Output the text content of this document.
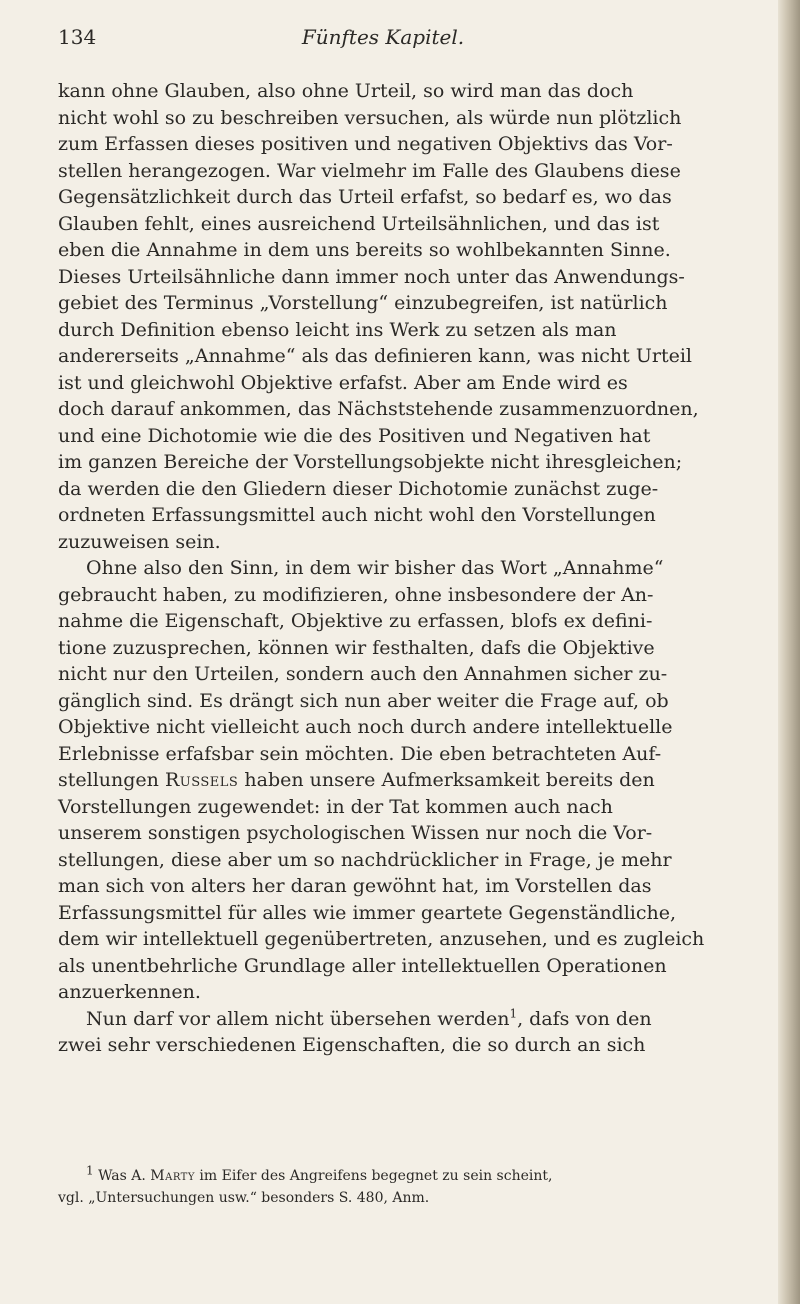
134	Fünftes Kapitel.
kann ohne Glauben, also ohne Urteil, so wird man das doch
nicht wohl so zu beschreiben versuchen, als würde nun plötzlich
zum Erfassen dieses positiven und negativen Objektivs das Vor-
stellen herangezogen. War vielmehr im Falle des Glaubens diese
Gegensätzlichkeit durch das Urteil erfafst, so bedarf es, wo das
Glauben fehlt, eines ausreichend Urteilsähnlichen, und das ist
eben die Annahme in dem uns bereits so wohlbekannten Sinne.
Dieses Urteilsähnliche dann immer noch unter das Anwendungs-
gebiet des Terminus „Vorstellung“ einzubegreifen, ist natürlich
durch Definition ebenso leicht ins Werk zu setzen als man
andererseits „Annahme“ als das definieren kann, was nicht Urteil
ist und gleichwohl Objektive erfafst. Aber am Ende wird es
doch darauf ankommen, das Nächststehende zusammenzuordnen,
und eine Dichotomie wie die des Positiven und Negativen hat
im ganzen Bereiche der Vorstellungsobjekte nicht ihresgleichen;
da werden die den Gliedern dieser Dichotomie zunächst zuge-
ordneten Erfassungsmittel auch nicht wohl den Vorstellungen
zuzuweisen sein.
Ohne also den Sinn, in dem wir bisher das Wort „Annahme“
gebraucht haben, zu modifizieren, ohne insbesondere der An-
nahme die Eigenschaft, Objektive zu erfassen, blofs ex defini-
tione zuzusprechen, können wir festhalten, dafs die Objektive
nicht nur den Urteilen, sondern auch den Annahmen sicher zu-
gänglich sind. Es drängt sich nun aber weiter die Frage auf, ob
Objektive nicht vielleicht auch noch durch andere intellektuelle
Erlebnisse erfafsbar sein möchten. Die eben betrachteten Auf-
stellungen Russels haben unsere Aufmerksamkeit bereits den
Vorstellungen zugewendet: in der Tat kommen auch nach
unserem sonstigen psychologischen Wissen nur noch die Vor-
stellungen, diese aber um so nachdrücklicher in Frage, je mehr
man sich von alters her daran gewöhnt hat, im Vorstellen das
Erfassungsmittel für alles wie immer geartete Gegenständliche,
dem wir intellektuell gegenübertreten, anzusehen, und es zugleich
als unentbehrliche Grundlage aller intellektuellen Operationen
anzuerkennen.
Nun darf vor allem nicht übersehen werden$^1$, dafs von den
zwei sehr verschiedenen Eigenschaften, die so durch an sich
$^1$ Was A. Marty im Eifer des Angreifens begegnet zu sein scheint,
vgl. „Untersuchungen usw.“ besonders S. 480, Anm.
